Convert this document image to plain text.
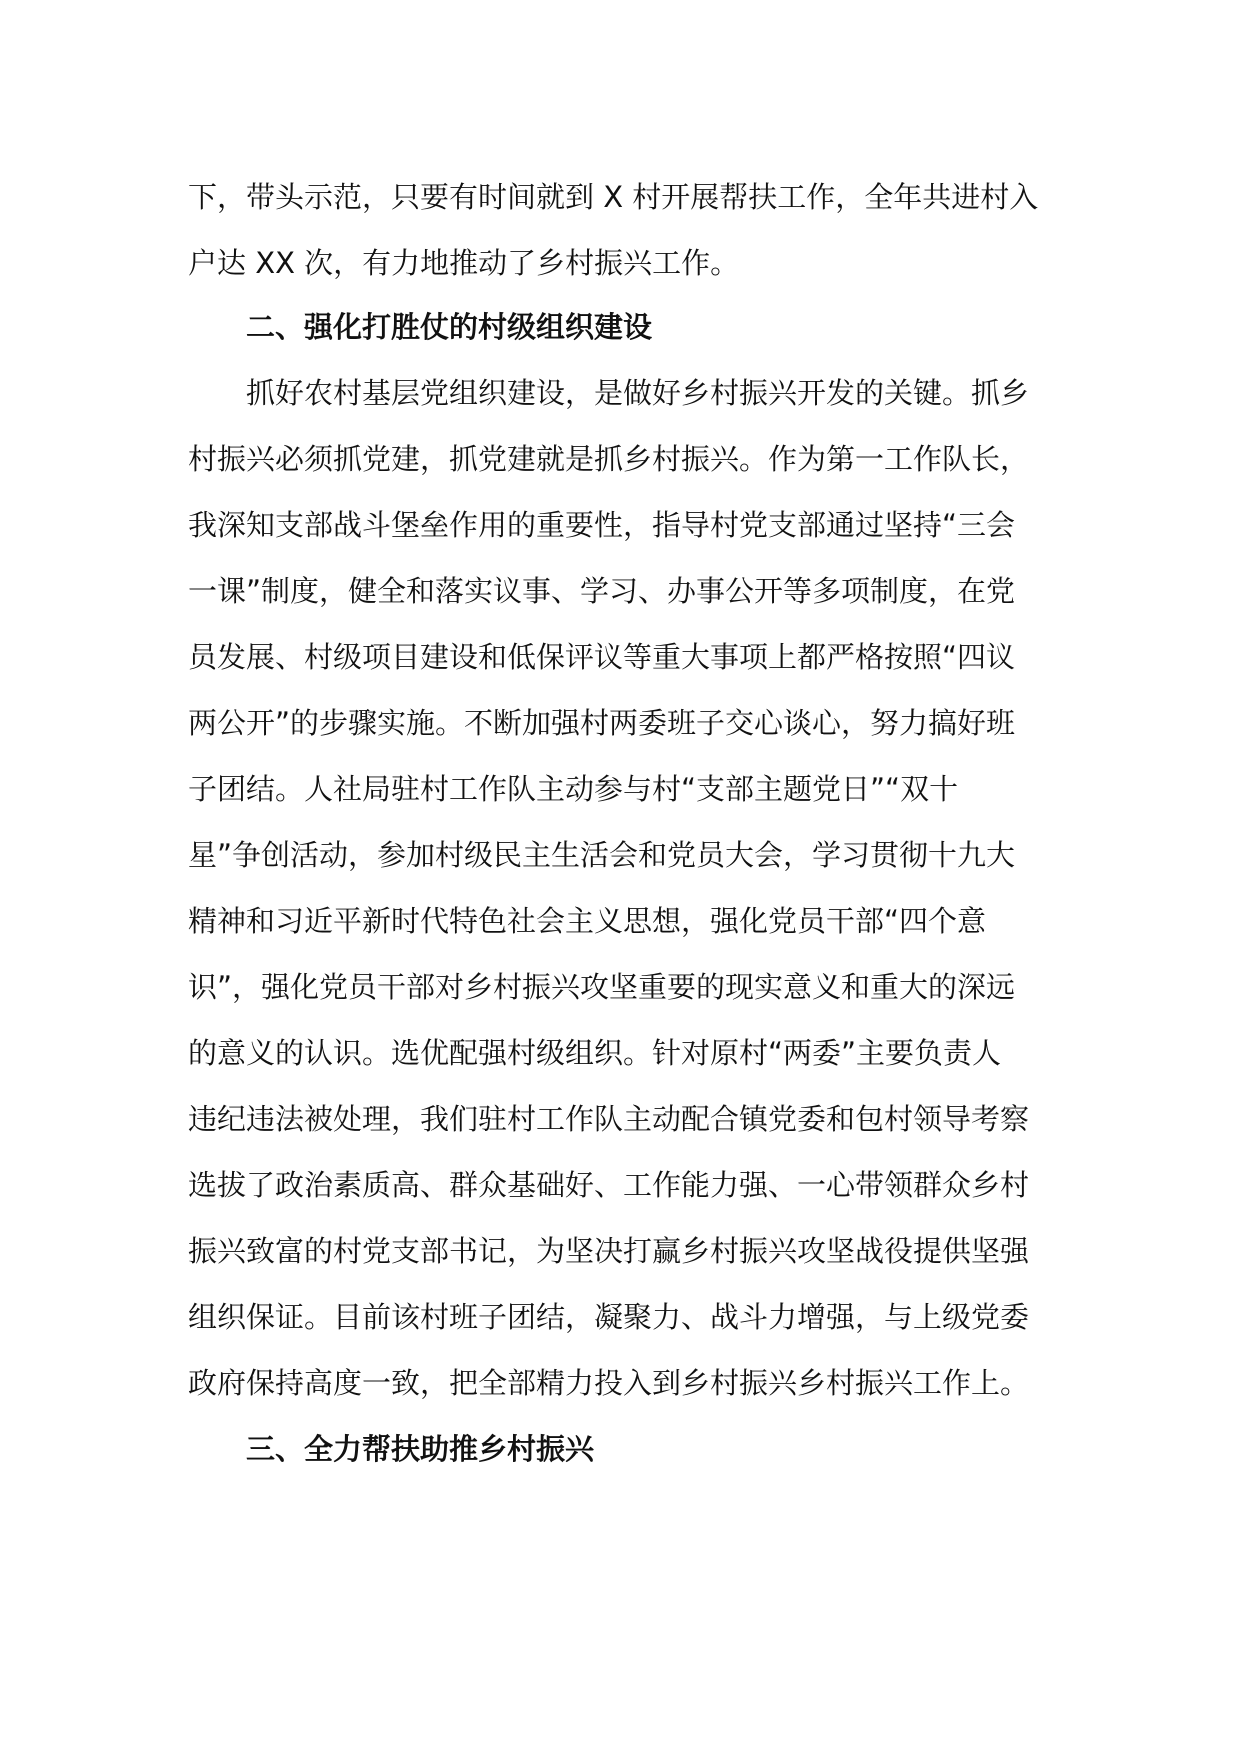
下，带头示范，只要有时间就到 X 村开展帮扶工作，全年共进村入
户达 XX 次，有力地推动了乡村振兴工作。
二、强化打胜仗的村级组织建设
抓好农村基层党组织建设，是做好乡村振兴开发的关键。抓乡
村振兴必须抓党建，抓党建就是抓乡村振兴。作为第一工作队长，
我深知支部战斗堡垒作用的重要性，指导村党支部通过坚持“三会
一课”制度，健全和落实议事、学习、办事公开等多项制度，在党
员发展、村级项目建设和低保评议等重大事项上都严格按照“四议
两公开”的步骤实施。不断加强村两委班子交心谈心，努力搞好班
子团结。人社局驻村工作队主动参与村“支部主题党日”“双十
星”争创活动，参加村级民主生活会和党员大会，学习贯彻十九大
精神和习近平新时代特色社会主义思想，强化党员干部“四个意
识”，强化党员干部对乡村振兴攻坚重要的现实意义和重大的深远
的意义的认识。选优配强村级组织。针对原村“两委”主要负责人
违纪违法被处理，我们驻村工作队主动配合镇党委和包村领导考察
选拔了政治素质高、群众基础好、工作能力强、一心带领群众乡村
振兴致富的村党支部书记，为坚决打赢乡村振兴攻坚战役提供坚强
组织保证。目前该村班子团结，凝聚力、战斗力增强，与上级党委
政府保持高度一致，把全部精力投入到乡村振兴乡村振兴工作上。
三、全力帮扶助推乡村振兴
